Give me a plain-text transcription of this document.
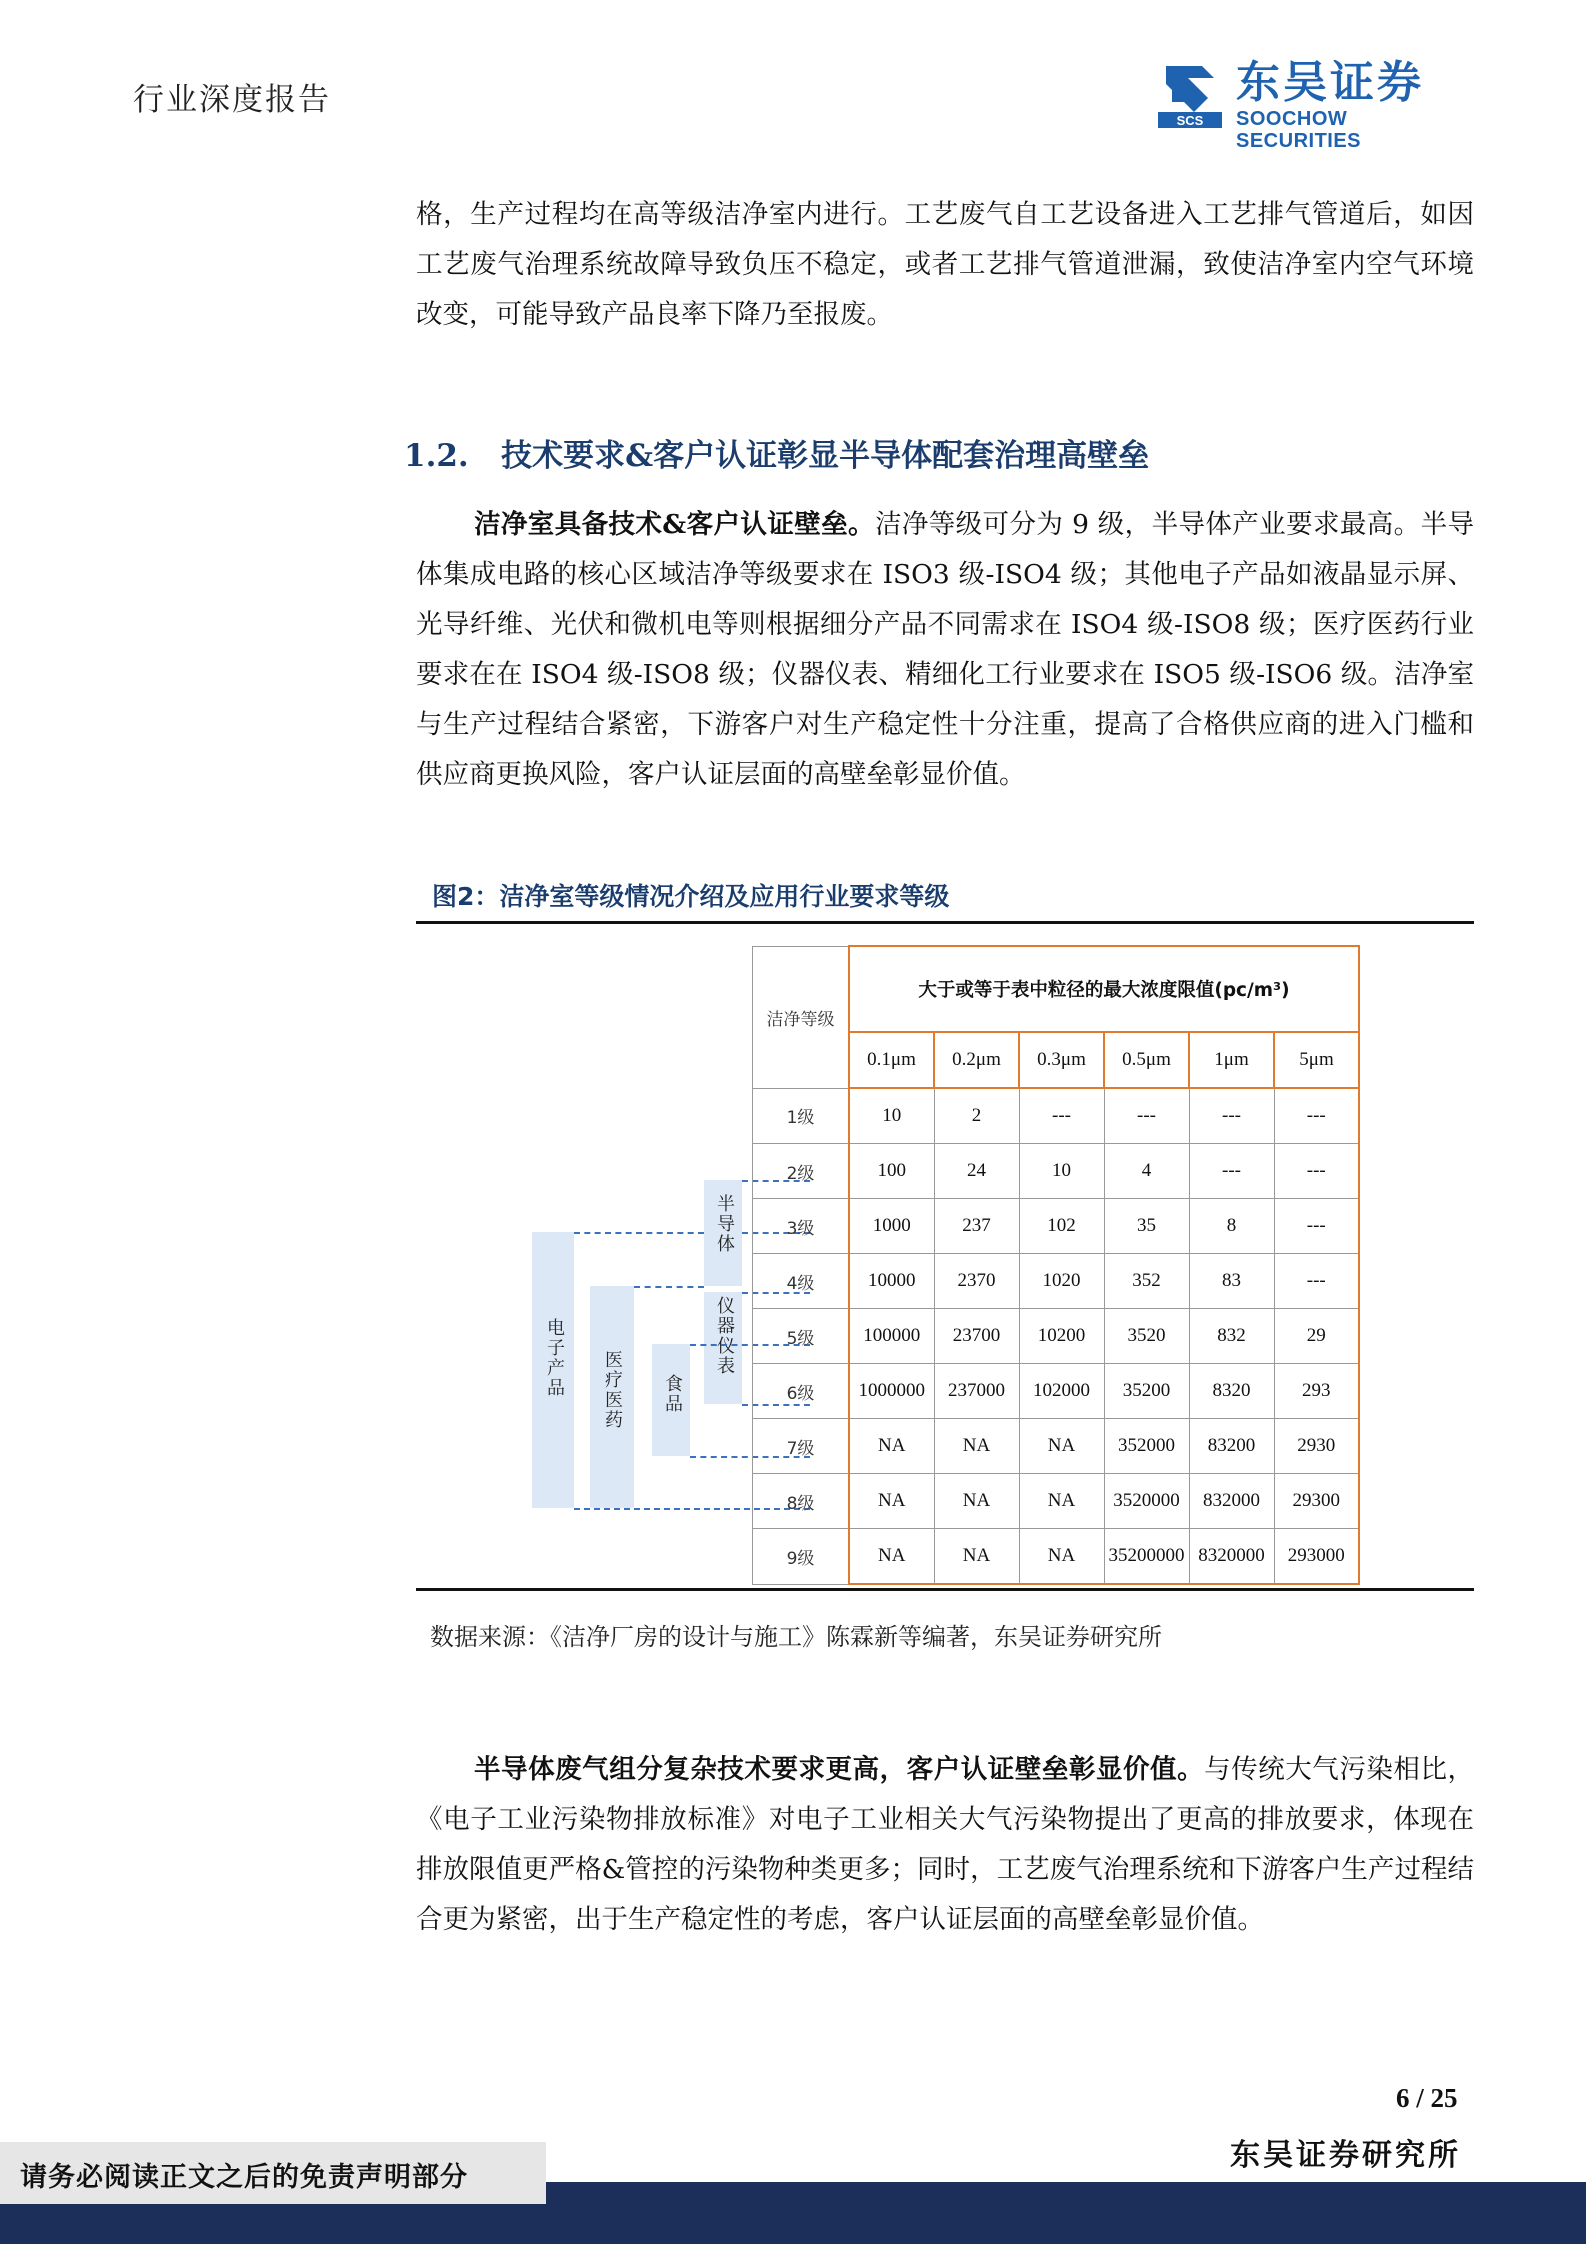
行业深度报告
SCS
东吴证券
SOOCHOW SECURITIES

格，生产过程均在高等级洁净室内进行。工艺废气自工艺设备进入工艺排气管道后，如因工艺废气治理系统故障导致负压不稳定，或者工艺排气管道泄漏，致使洁净室内空气环境改变，可能导致产品良率下降乃至报废。

1.2. 技术要求&客户认证彰显半导体配套治理高壁垒

洁净室具备技术&客户认证壁垒。洁净等级可分为 9 级，半导体产业要求最高。半导体集成电路的核心区域洁净等级要求在 ISO3 级-ISO4 级；其他电子产品如液晶显示屏、光导纤维、光伏和微机电等则根据细分产品不同需求在 ISO4 级-ISO8 级；医疗医药行业要求在在 ISO4 级-ISO8 级；仪器仪表、精细化工行业要求在 ISO5 级-ISO6 级。洁净室与生产过程结合紧密，下游客户对生产稳定性十分注重，提高了合格供应商的进入门槛和供应商更换风险，客户认证层面的高壁垒彰显价值。

图2：洁净室等级情况介绍及应用行业要求等级
电子产品 医疗医药 食品
半导体
仪器仪表
洁净等级	大于或等于表中粒径的最大浓度限值(pc/m³)					
	0.1μm	0.2μm	0.3μm	0.5μm	1μm	5μm
1级	10	2	---	---	---	---
2级	100	24	10	4	---	---
3级	1000	237	102	35	8	---
4级	10000	2370	1020	352	83	---
5级	100000	23700	10200	3520	832	29
6级	1000000	237000	102000	35200	8320	293
7级	NA	NA	NA	352000	83200	2930
8级	NA	NA	NA	3520000	832000	29300
9级	NA	NA	NA	35200000	8320000	293000
数据来源：《洁净厂房的设计与施工》陈霖新等编著，东吴证券研究所

半导体废气组分复杂技术要求更高，客户认证壁垒彰显价值。与传统大气污染相比，《电子工业污染物排放标准》对电子工业相关大气污染物提出了更高的排放要求，体现在排放限值更严格&管控的污染物种类更多；同时，工艺废气治理系统和下游客户生产过程结合更为紧密，出于生产稳定性的考虑，客户认证层面的高壁垒彰显价值。

6 / 25
东吴证券研究所
请务必阅读正文之后的免责声明部分
